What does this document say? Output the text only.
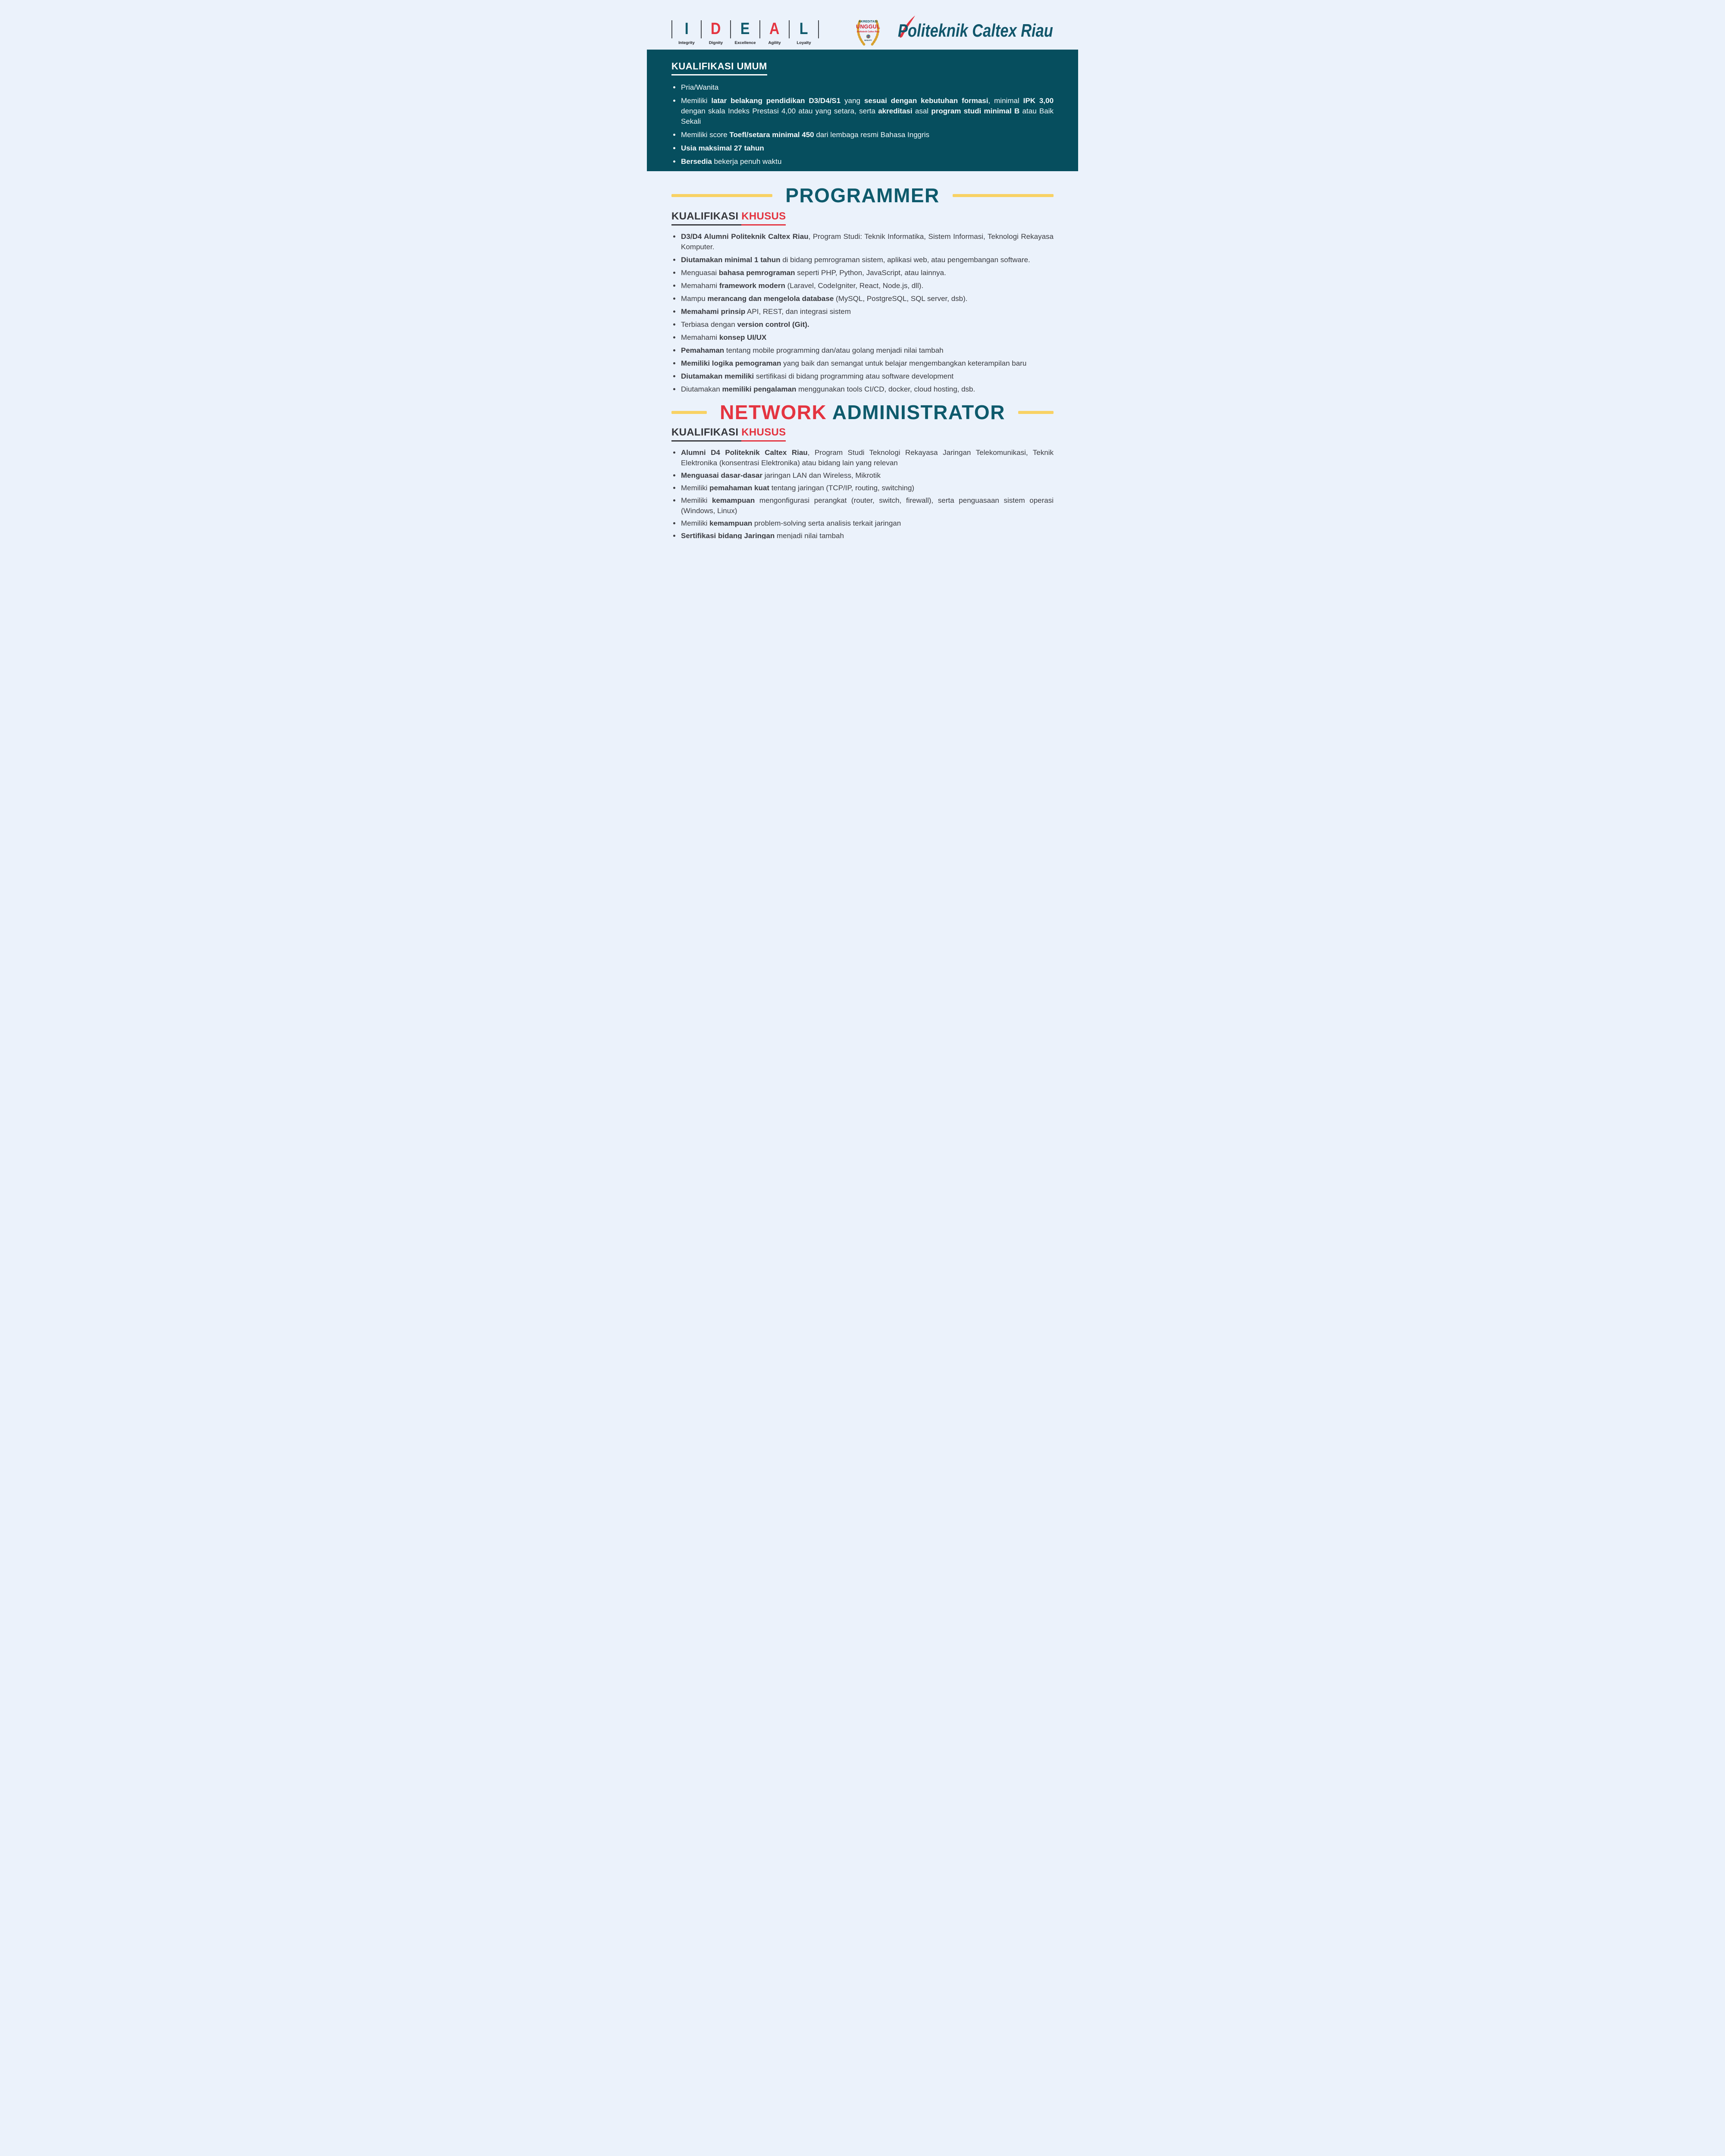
I
Integrity
D
Dignity
E
Excellence
A
Agility
L
Loyalty
AKREDITASI
UNGGUL
Politeknik Caltex Riau
BAN-PT Politeknik Caltex Riau
KUALIFIKASI UMUM
Pria/Wanita
Memiliki latar belakang pendidikan D3/D4/S1 yang sesuai dengan kebutuhan formasi, minimal IPK 3,00 dengan skala Indeks Prestasi 4,00 atau yang setara, serta akreditasi asal program studi minimal B atau Baik Sekali
Memiliki score Toefl/setara minimal 450 dari lembaga resmi Bahasa Inggris
Usia maksimal 27 tahun
Bersedia bekerja penuh waktu
PROGRAMMER
KUALIFIKASI KHUSUS
D3/D4 Alumni Politeknik Caltex Riau, Program Studi: Teknik Informatika, Sistem Informasi, Teknologi Rekayasa Komputer.
Diutamakan minimal 1 tahun di bidang pemrograman sistem, aplikasi web, atau pengembangan software.
Menguasai bahasa pemrograman seperti PHP, Python, JavaScript, atau lainnya.
Memahami framework modern (Laravel, CodeIgniter, React, Node.js, dll).
Mampu merancang dan mengelola database (MySQL, PostgreSQL, SQL server, dsb).
Memahami prinsip API, REST, dan integrasi sistem
Terbiasa dengan version control (Git).
Memahami konsep UI/UX
Pemahaman tentang mobile programming dan/atau golang menjadi nilai tambah
Memiliki logika pemograman yang baik dan semangat untuk belajar mengembangkan keterampilan baru
Diutamakan memiliki sertifikasi di bidang programming atau software development
Diutamakan memiliki pengalaman menggunakan tools CI/CD, docker, cloud hosting, dsb.
NETWORK ADMINISTRATOR
KUALIFIKASI KHUSUS
Alumni D4 Politeknik Caltex Riau, Program Studi Teknologi Rekayasa Jaringan Telekomunikasi, Teknik Elektronika (konsentrasi Elektronika) atau bidang lain yang relevan
Menguasai dasar-dasar jaringan LAN dan Wireless, Mikrotik
Memiliki pemahaman kuat tentang jaringan (TCP/IP, routing, switching)
Memiliki kemampuan mengonfigurasi perangkat (router, switch, firewall), serta penguasaan sistem operasi (Windows, Linux)
Memiliki kemampuan problem-solving serta analisis terkait jaringan
Sertifikasi bidang Jaringan menjadi nilai tambah
